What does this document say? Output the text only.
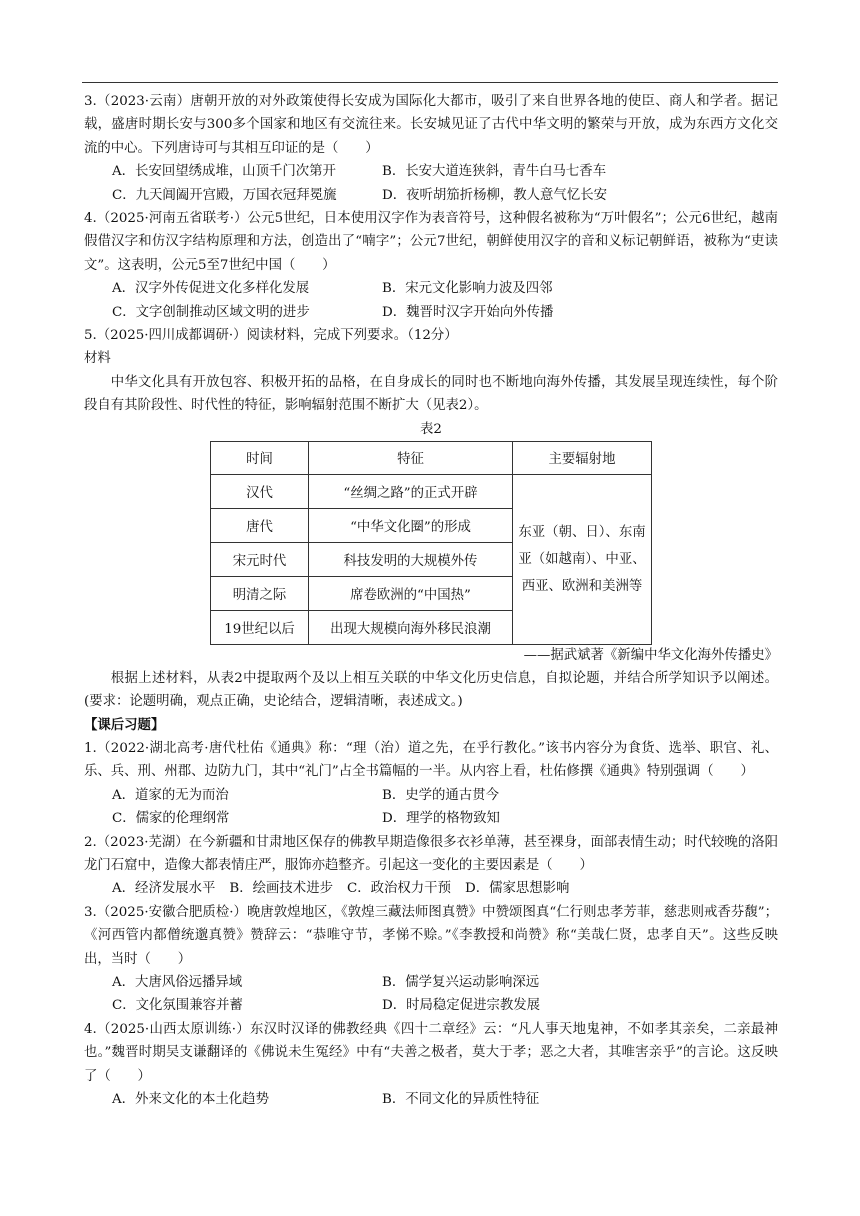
3.（2023·云南）唐朝开放的对外政策使得长安成为国际化大都市，吸引了来自世界各地的使臣、商人和学者。据记载，盛唐时期长安与300多个国家和地区有交流往来。长安城见证了古代中华文明的繁荣与开放，成为东西方文化交流的中心。下列唐诗可与其相互印证的是（　　）

A．长安回望绣成堆，山顶千门次第开	B．长安大道连狭斜，青牛白马七香车
C．九天阊阖开宫殿，万国衣冠拜冕旒	D．夜听胡笳折杨柳，教人意气忆长安

4.（2025·河南五省联考·）公元5世纪，日本使用汉字作为表音符号，这种假名被称为“万叶假名”；公元6世纪，越南假借汉字和仿汉字结构原理和方法，创造出了“喃字”；公元7世纪，朝鲜使用汉字的音和义标记朝鲜语，被称为“吏读文”。这表明，公元5至7世纪中国（　　）

A．汉字外传促进文化多样化发展	B．宋元文化影响力波及四邻
C．文字创制推动区域文明的进步	D．魏晋时汉字开始向外传播

5.（2025·四川成都调研·）阅读材料，完成下列要求。（12分）

材料

中华文化具有开放包容、积极开拓的品格，在自身成长的同时也不断地向海外传播，其发展呈现连续性，每个阶段自有其阶段性、时代性的特征，影响辐射范围不断扩大（见表2）。

表2
时间	特征	主要辐射地
汉代	“丝绸之路”的正式开辟	东亚（朝、日）、东南亚（如越南）、中亚、西亚、欧洲和美洲等
唐代	“中华文化圈”的形成	
宋元时代	科技发明的大规模外传	
明清之际	席卷欧洲的“中国热”	
19世纪以后	出现大规模向海外移民浪潮	
——据武斌著《新编中华文化海外传播史》

根据上述材料，从表2中提取两个及以上相互关联的中华文化历史信息，自拟论题，并结合所学知识予以阐述。(要求：论题明确，观点正确，史论结合，逻辑清晰，表述成文。)

【课后习题】

1.（2022·湖北高考·唐代杜佑《通典》称：“理（治）道之先，在乎行教化。”该书内容分为食货、选举、职官、礼、乐、兵、刑、州郡、边防九门，其中“礼门”占全书篇幅的一半。从内容上看，杜佑修撰《通典》特别强调（　　）

A．道家的无为而治	B．史学的通古贯今
C．儒家的伦理纲常	D．理学的格物致知

2.（2023·芜湖）在今新疆和甘肃地区保存的佛教早期造像很多衣衫单薄，甚至裸身，面部表情生动；时代较晚的洛阳龙门石窟中，造像大都表情庄严，服饰亦趋整齐。引起这一变化的主要因素是（　　）

A．经济发展水平 B．绘画技术进步 C．政治权力干预 D．儒家思想影响

3.（2025·安徽合肥质检·）晚唐敦煌地区，《敦煌三藏法师图真赞》中赞颂图真“仁行则忠孝芳菲，慈悲则戒香芬馥”；《河西管内都僧统邈真赞》赞辞云：“恭唯守节，孝悌不赊。”《李教授和尚赞》称“美哉仁贤，忠孝自天”。这些反映出，当时（　　）

A．大唐风俗远播异域	B．儒学复兴运动影响深远
C．文化氛围兼容并蓄	D．时局稳定促进宗教发展

4.（2025·山西太原训练·）东汉时汉译的佛教经典《四十二章经》云：“凡人事天地鬼神，不如孝其亲矣，二亲最神也。”魏晋时期吴支谦翻译的《佛说未生冤经》中有“夫善之极者，莫大于孝；恶之大者，其唯害亲乎”的言论。这反映了（　　）

A．外来文化的本土化趋势	B．不同文化的异质性特征
